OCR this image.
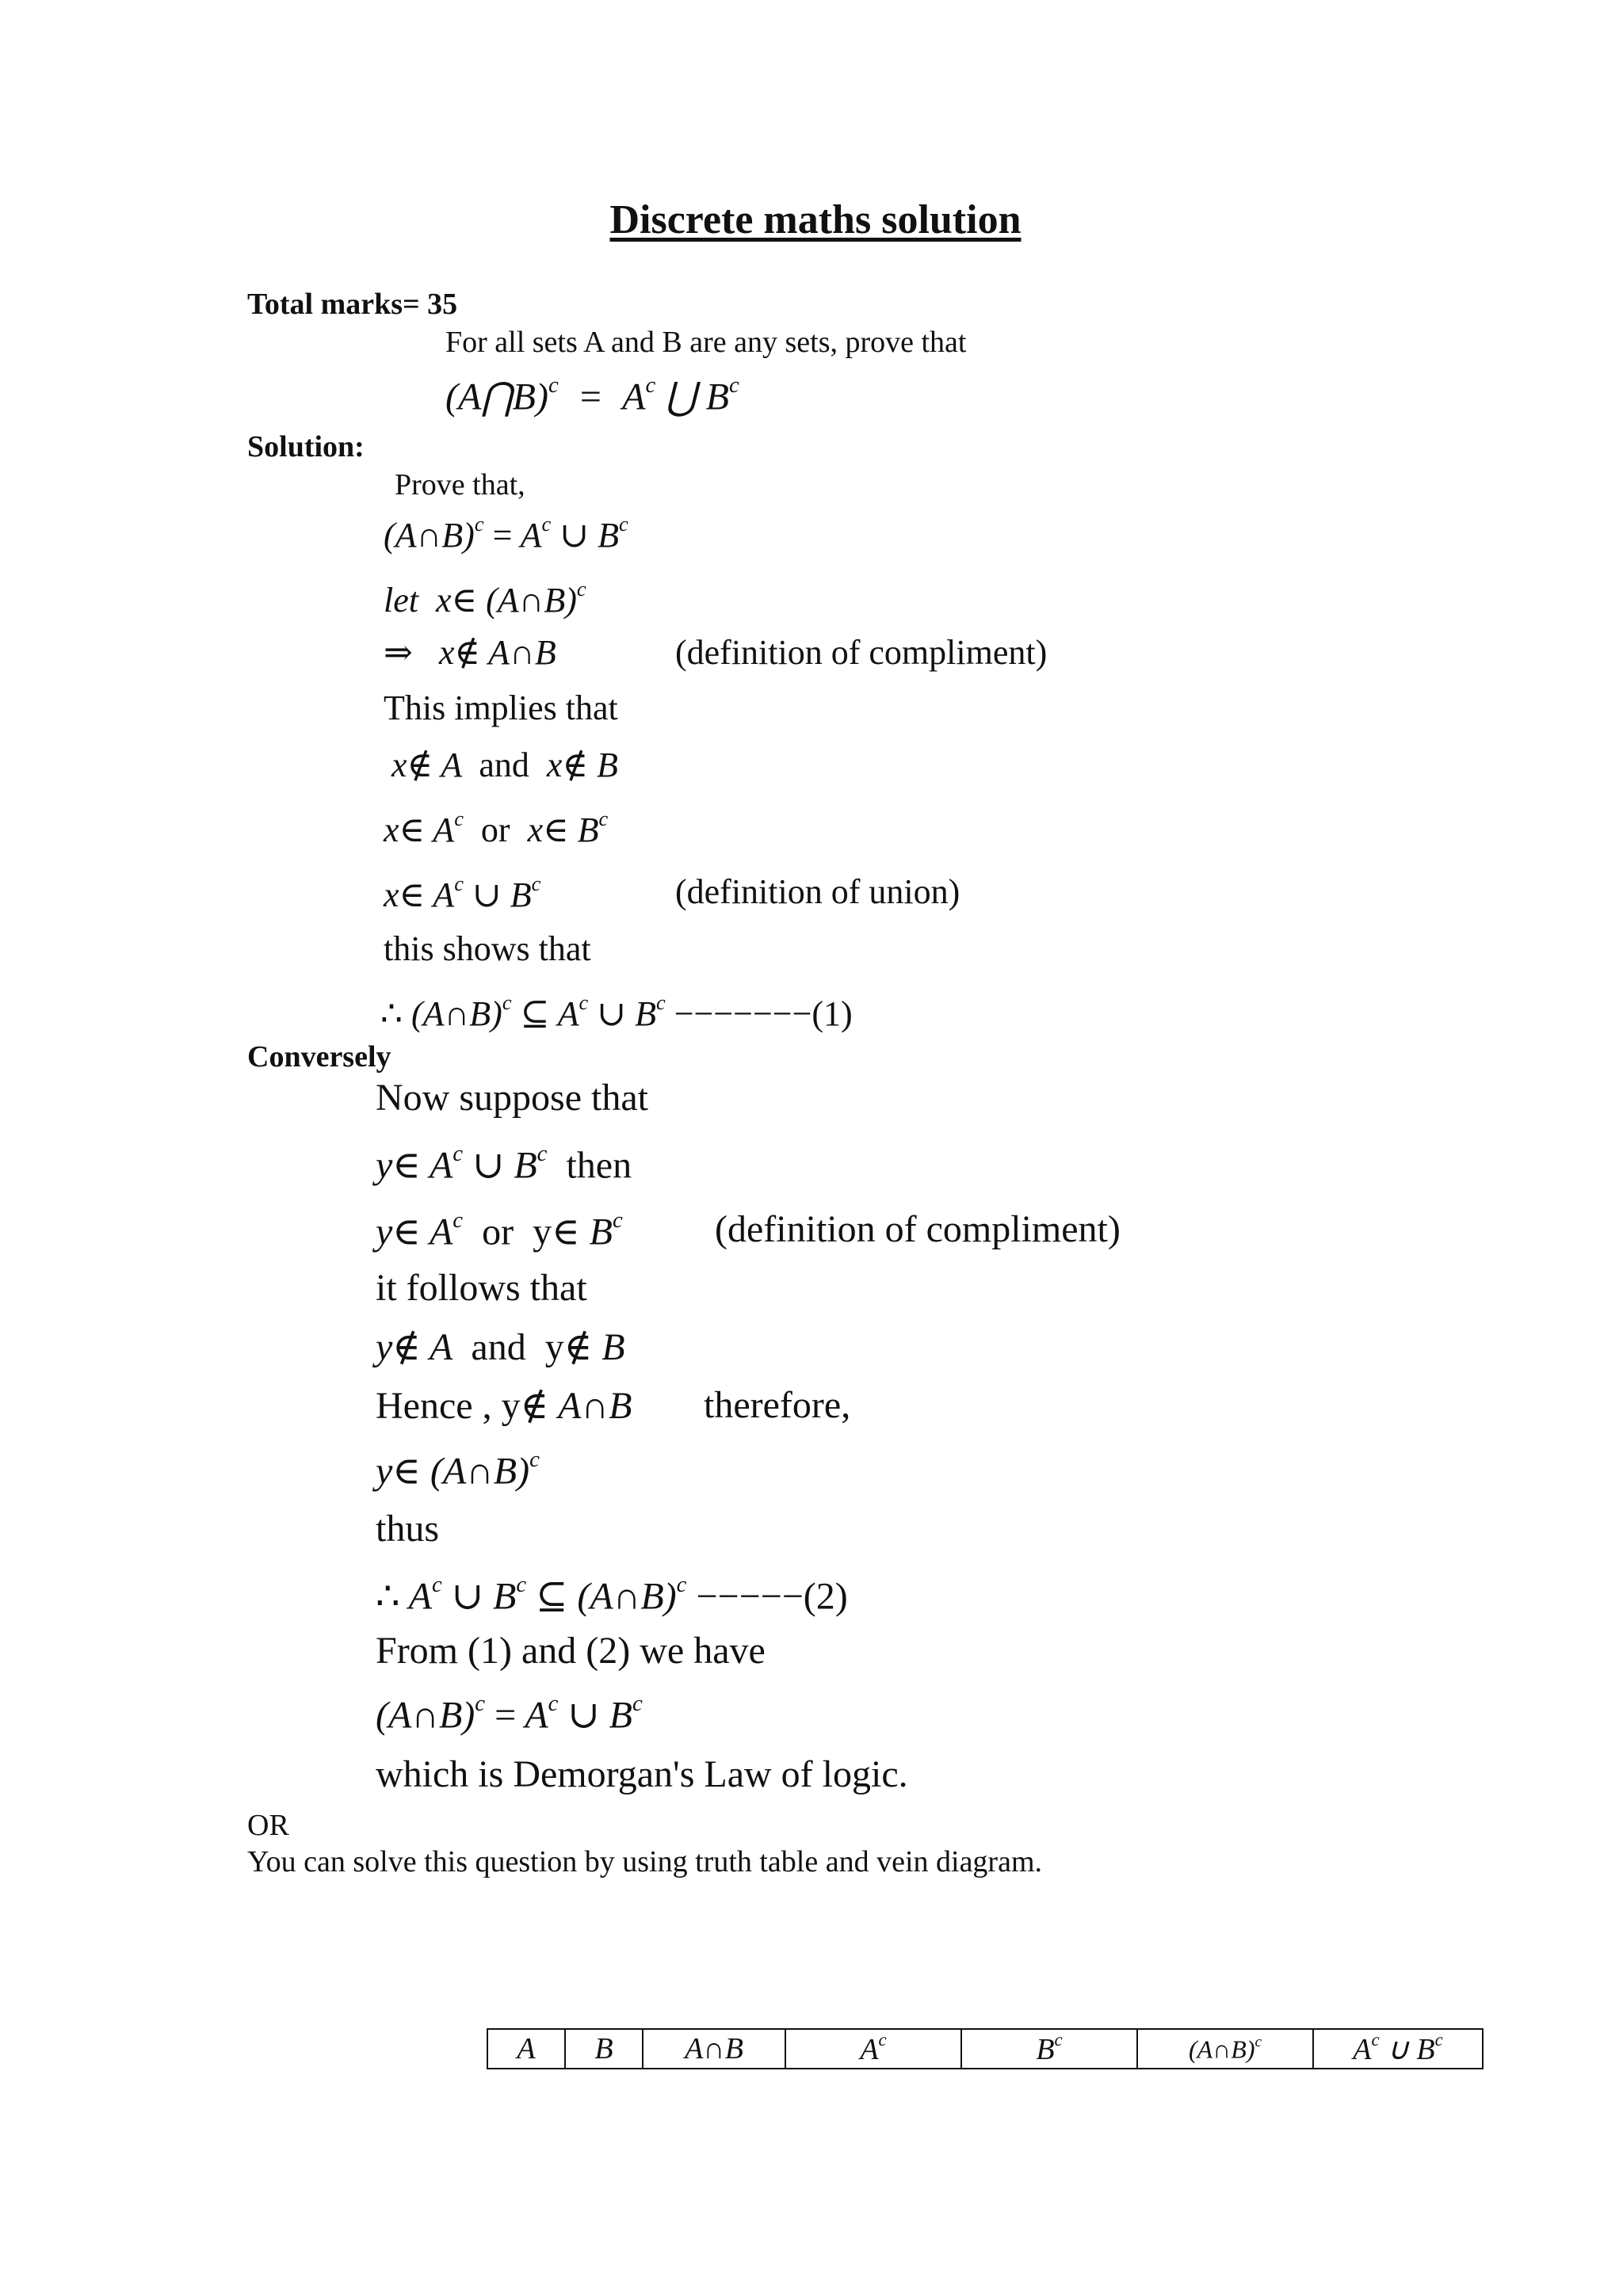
Discrete maths solution
Total marks= 35
For all sets A and B are any sets, prove that
(A⋂B)$^c$  =  $A^c$ ⋃ $B^c$
Solution:
Prove that,
(A∩B)$^c$ = $A^c$ ∪ $B^c$
let  x∈ (A∩B)$^c$
⇒   x∉ A∩B	(definition of compliment)
This implies that
x∉ A  and  x∉ B
x∈ $A^c$ or  x∈ $B^c$
x∈ $A^c$ ∪ $B^c$	(definition of union)
this shows that
∴ (A∩B)$^c$ ⊆ $A^c$ ∪ $B^c -------(1)$
Conversely
Now suppose that
y∈ $A^c$ ∪ $B^c$ then
y∈ $A^c$ or y∈ $B^c$ (definition of compliment)
it follows that
y∉ A  and y∉ B
Hence , y∉ A∩B therefore,
y∈ (A∩B)$^c$
thus
∴ $A^c$ ∪ $B^c$ ⊆ (A∩B)$^c$ −−−−−(2)
From (1) and (2) we have
(A∩B)$^c$ = $A^c$ ∪ $B^c$
which is Demorgan's Law of logic.
OR
You can solve this question by using truth table and vein diagram.
A	B	A∩B	$A^c$	$B^c$	(A∩B)$^c$	$A^c$ ∪ $B^c$
